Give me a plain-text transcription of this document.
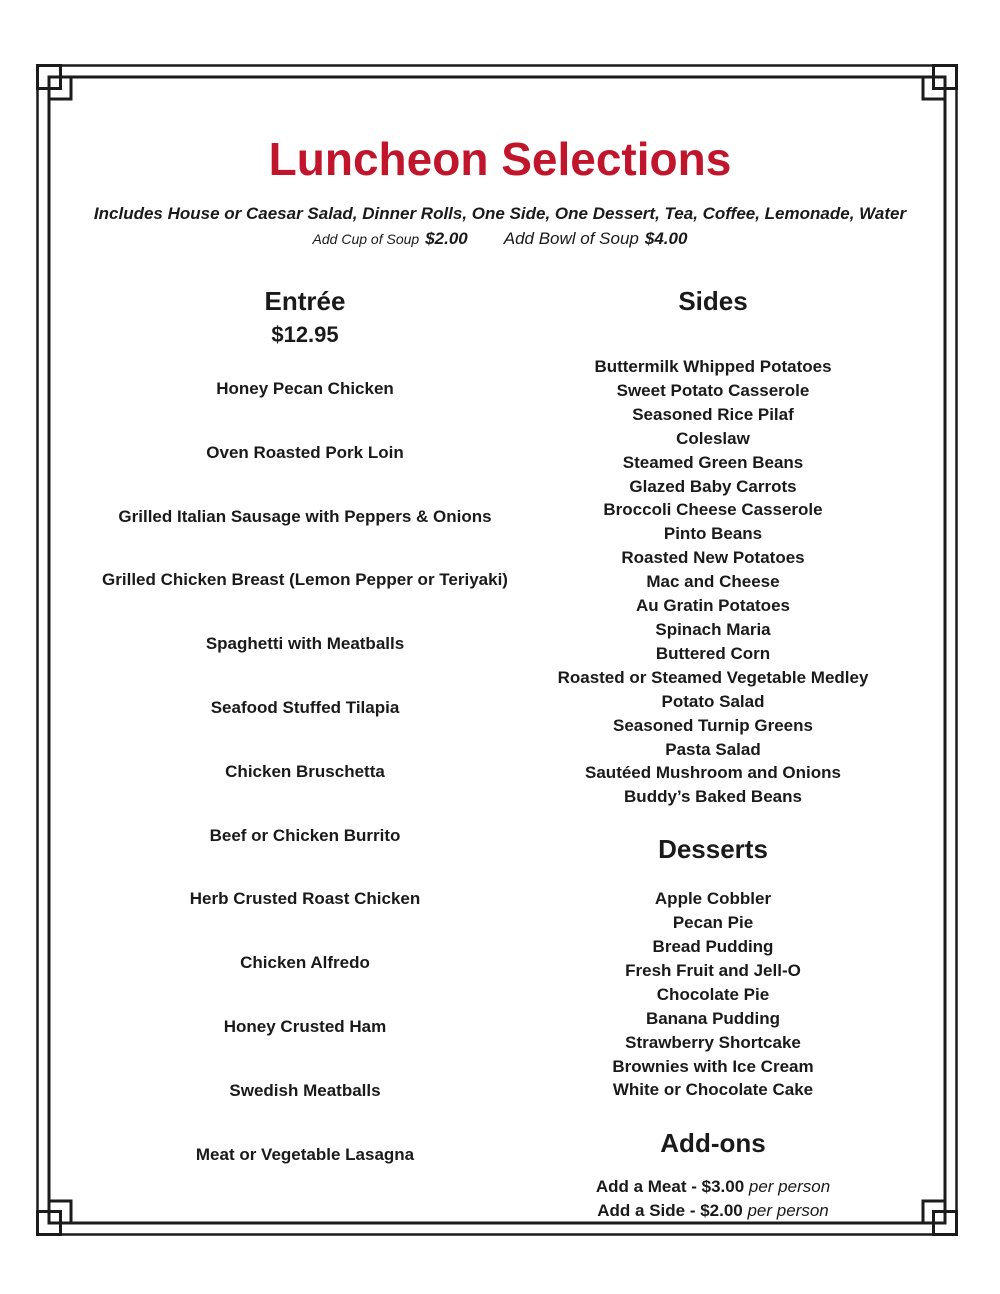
Luncheon Selections
Includes House or Caesar Salad, Dinner Rolls, One Side, One Dessert, Tea, Coffee, Lemonade, Water
Add Cup of Soup $2.00 Add Bowl of Soup $4.00
Entrée
$12.95
Honey Pecan Chicken
Oven Roasted Pork Loin
Grilled Italian Sausage with Peppers & Onions
Grilled Chicken Breast (Lemon Pepper or Teriyaki)
Spaghetti with Meatballs
Seafood Stuffed Tilapia
Chicken Bruschetta
Beef or Chicken Burrito
Herb Crusted Roast Chicken
Chicken Alfredo
Honey Crusted Ham
Swedish Meatballs
Meat or Vegetable Lasagna
Sides
Buttermilk Whipped Potatoes
Sweet Potato Casserole
Seasoned Rice Pilaf
Coleslaw
Steamed Green Beans
Glazed Baby Carrots
Broccoli Cheese Casserole
Pinto Beans
Roasted New Potatoes
Mac and Cheese
Au Gratin Potatoes
Spinach Maria
Buttered Corn
Roasted or Steamed Vegetable Medley
Potato Salad
Seasoned Turnip Greens
Pasta Salad
Sautéed Mushroom and Onions
Buddy’s Baked Beans
Desserts
Apple Cobbler
Pecan Pie
Bread Pudding
Fresh Fruit and Jell-O
Chocolate Pie
Banana Pudding
Strawberry Shortcake
Brownies with Ice Cream
White or Chocolate Cake
Add-ons
Add a Meat - $3.00 per person
Add a Side - $2.00 per person
